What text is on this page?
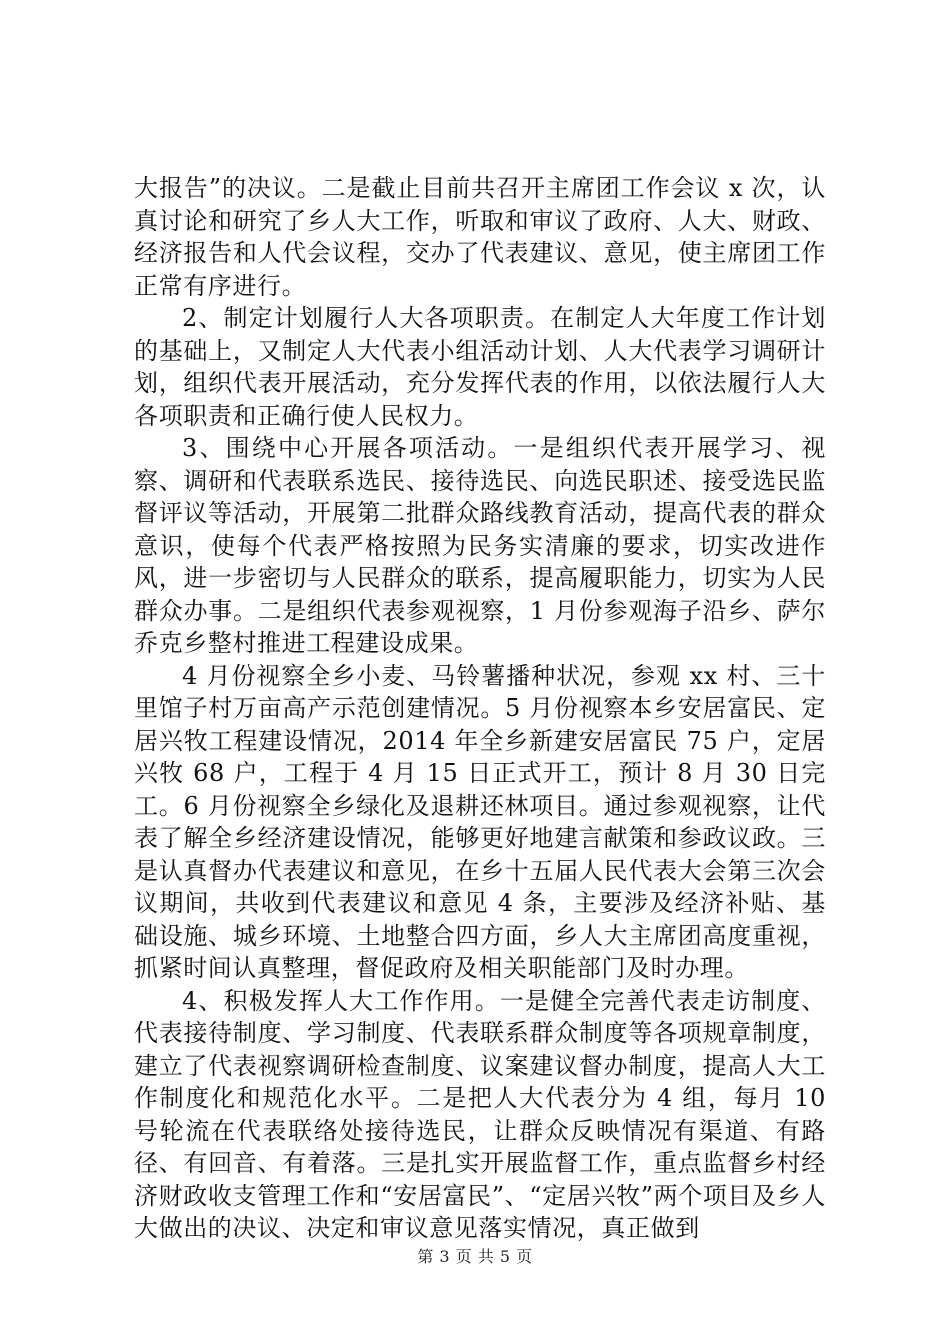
大报告”的决议。二是截止目前共召开主席团工作会议 x 次，认真讨论和研究了乡人大工作，听取和审议了政府、人大、财政、经济报告和人代会议程，交办了代表建议、意见，使主席团工作正常有序进行。

2、制定计划履行人大各项职责。在制定人大年度工作计划的基础上，又制定人大代表小组活动计划、人大代表学习调研计划，组织代表开展活动，充分发挥代表的作用，以依法履行人大各项职责和正确行使人民权力。

3、围绕中心开展各项活动。一是组织代表开展学习、视察、调研和代表联系选民、接待选民、向选民职述、接受选民监督评议等活动，开展第二批群众路线教育活动，提高代表的群众意识，使每个代表严格按照为民务实清廉的要求，切实改进作风，进一步密切与人民群众的联系，提高履职能力，切实为人民群众办事。二是组织代表参观视察，1 月份参观海子沿乡、萨尔乔克乡整村推进工程建设成果。

4 月份视察全乡小麦、马铃薯播种状况，参观 xx 村、三十里馆子村万亩高产示范创建情况。5 月份视察本乡安居富民、定居兴牧工程建设情况，2014 年全乡新建安居富民 75 户，定居兴牧 68 户，工程于 4 月 15 日正式开工，预计 8 月 30 日完工。6 月份视察全乡绿化及退耕还林项目。通过参观视察，让代表了解全乡经济建设情况，能够更好地建言献策和参政议政。三是认真督办代表建议和意见，在乡十五届人民代表大会第三次会议期间，共收到代表建议和意见 4 条，主要涉及经济补贴、基础设施、城乡环境、土地整合四方面，乡人大主席团高度重视，抓紧时间认真整理，督促政府及相关职能部门及时办理。

4、积极发挥人大工作作用。一是健全完善代表走访制度、代表接待制度、学习制度、代表联系群众制度等各项规章制度，建立了代表视察调研检查制度、议案建议督办制度，提高人大工作制度化和规范化水平。二是把人大代表分为 4 组，每月 10 号轮流在代表联络处接待选民，让群众反映情况有渠道、有路径、有回音、有着落。三是扎实开展监督工作，重点监督乡村经济财政收支管理工作和“安居富民”、“定居兴牧”两个项目及乡人大做出的决议、决定和审议意见落实情况，真正做到

第 3 页 共 5 页
